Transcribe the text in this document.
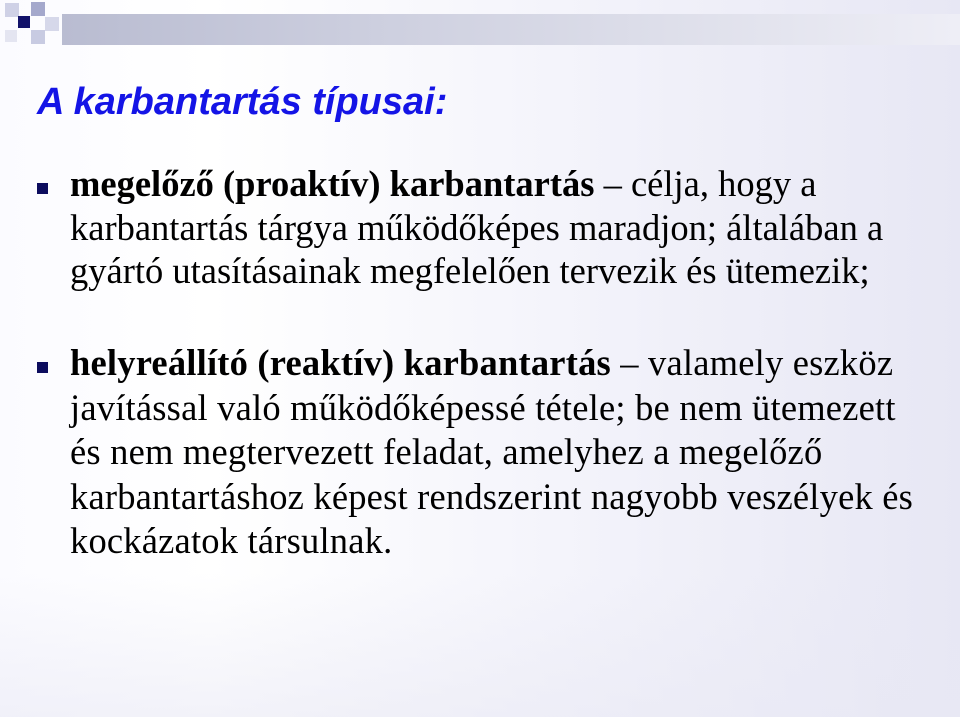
A karbantartás típusai:
megelőző (proaktív) karbantartás – célja, hogy a
karbantartás tárgya működőképes maradjon; általában a
gyártó utasításainak megfelelően tervezik és ütemezik;
helyreállító (reaktív) karbantartás – valamely eszköz
javítással való működőképessé tétele; be nem ütemezett
és nem megtervezett feladat, amelyhez a megelőző
karbantartáshoz képest rendszerint nagyobb veszélyek és
kockázatok társulnak.
